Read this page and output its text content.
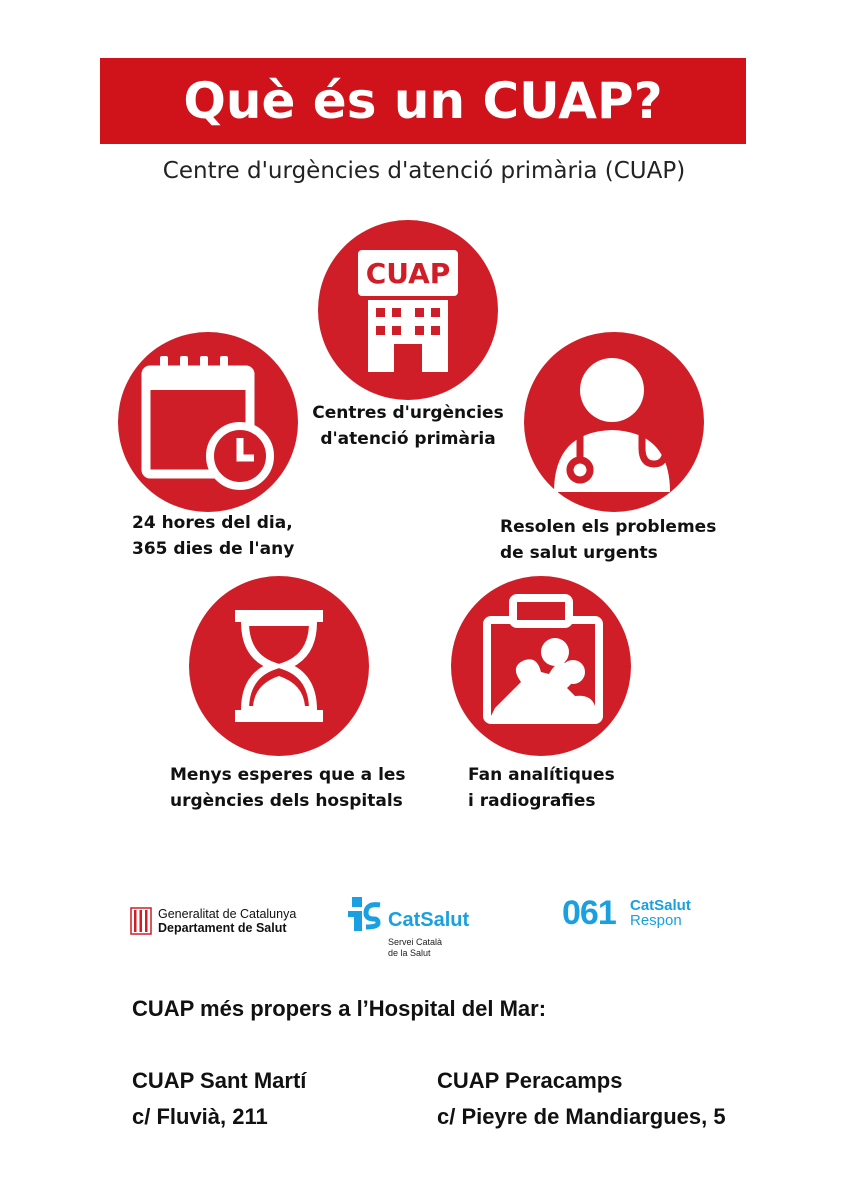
Què és un CUAP?
Centre d'urgències d'atenció primària (CUAP)
CUAP
Centres d'urgències
d'atenció primària
24 hores del dia,
365 dies de l'any
Resolen els problemes
de salut urgents
Menys esperes que a les
urgències dels hospitals
Fan analítiques
i radiografies
Generalitat de Catalunya
Departament de Salut	CatSalut
Servei Català
de la Salut
061 CatSalut
Respon
CUAP més propers a l’Hospital del Mar:
CUAP Sant Martí
c/ Fluvià, 211
CUAP Peracamps
c/ Pieyre de Mandiargues, 5
